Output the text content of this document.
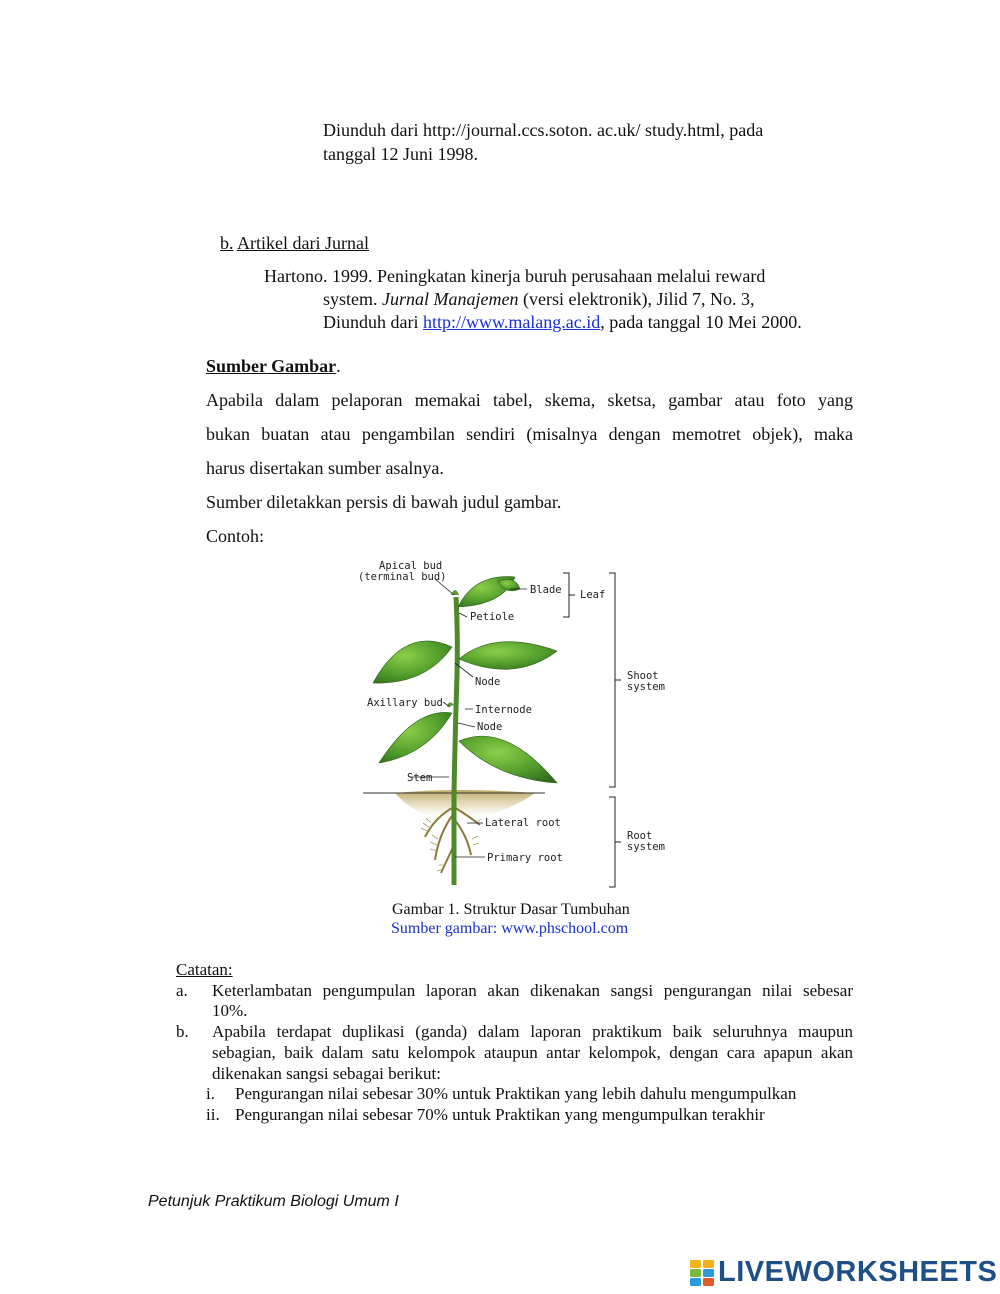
Diunduh dari http://journal.ccs.soton. ac.uk/ study.html, pada
tanggal 12 Juni 1998.
b. Artikel dari Jurnal
Hartono. 1999. Peningkatan kinerja buruh perusahaan melalui reward
system. Jurnal Manajemen (versi elektronik), Jilid 7, No. 3,
Diunduh dari http://www.malang.ac.id, pada tanggal 10 Mei 2000.
Sumber Gambar.
Apabila dalam pelaporan memakai tabel, skema, sketsa, gambar atau foto yang
bukan buatan atau pengambilan sendiri (misalnya dengan memotret objek), maka
harus disertakan sumber asalnya.
Sumber diletakkan persis di bawah judul gambar.
Contoh:
Apical bud
(terminal bud)
Blade Leaf
Petiole
Shoot
system
Node
Axillary bud
Internode
Node
Stem
Lateral root
Root
system
Primary root
Gambar 1. Struktur Dasar Tumbuhan
Sumber gambar: www.phschool.com
Catatan:
a. Keterlambatan pengumpulan laporan akan dikenakan sangsi pengurangan nilai sebesar
10%.
b. Apabila terdapat duplikasi (ganda) dalam laporan praktikum baik seluruhnya maupun
sebagian, baik dalam satu kelompok ataupun antar kelompok, dengan cara apapun akan
dikenakan sangsi sebagai berikut:
i. Pengurangan nilai sebesar 30% untuk Praktikan yang lebih dahulu mengumpulkan
ii. Pengurangan nilai sebesar 70% untuk Praktikan yang mengumpulkan terakhir
Petunjuk Praktikum Biologi Umum I
LIVEWORKSHEETS
